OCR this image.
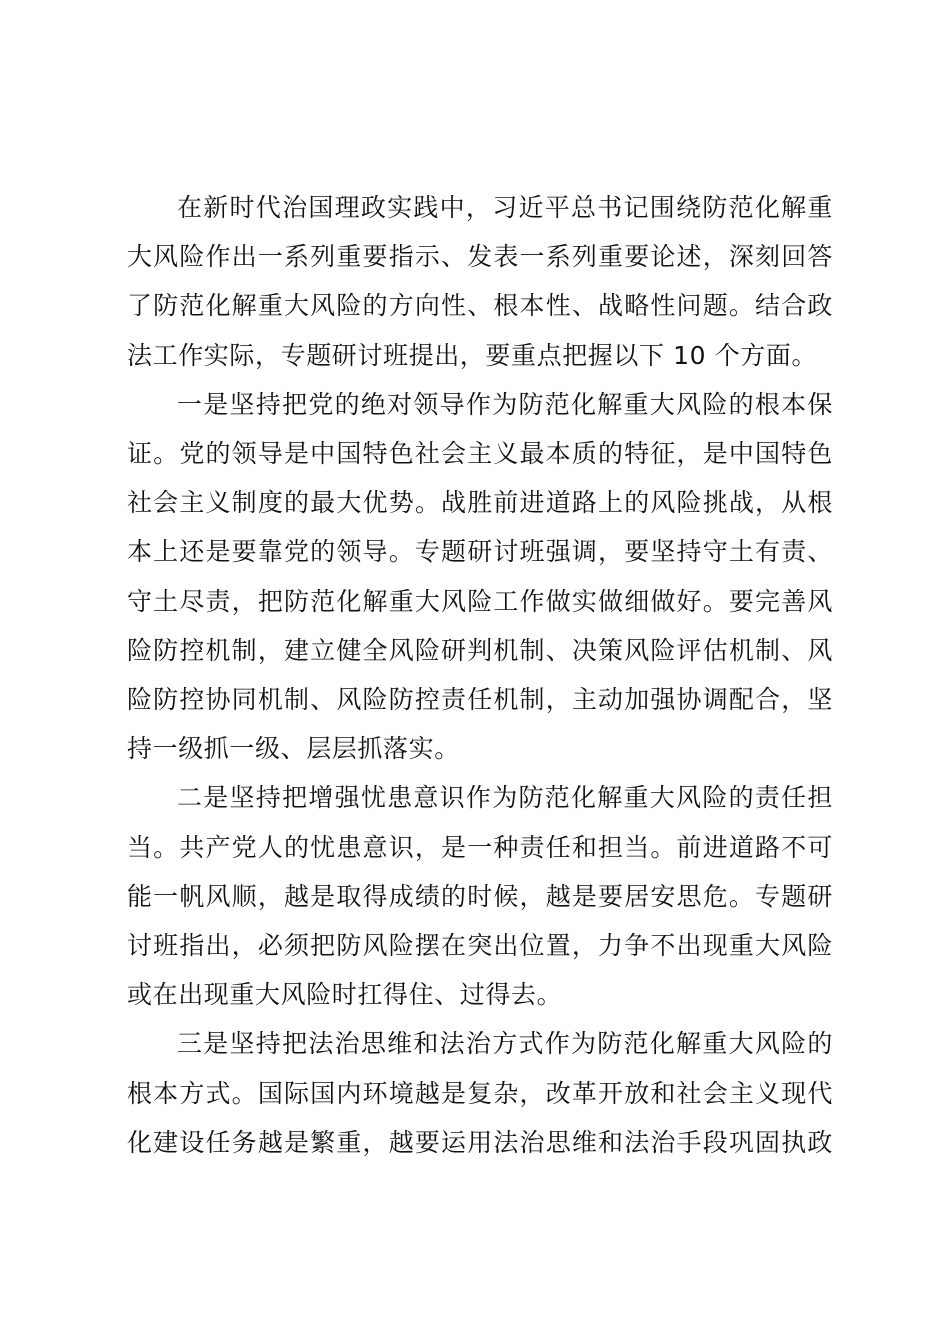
在新时代治国理政实践中，习近平总书记围绕防范化解重
大风险作出一系列重要指示、发表一系列重要论述，深刻回答
了防范化解重大风险的方向性、根本性、战略性问题。结合政
法工作实际，专题研讨班提出，要重点把握以下 10 个方面。

一是坚持把党的绝对领导作为防范化解重大风险的根本保
证。党的领导是中国特色社会主义最本质的特征，是中国特色
社会主义制度的最大优势。战胜前进道路上的风险挑战，从根
本上还是要靠党的领导。专题研讨班强调，要坚持守土有责、
守土尽责，把防范化解重大风险工作做实做细做好。要完善风
险防控机制，建立健全风险研判机制、决策风险评估机制、风
险防控协同机制、风险防控责任机制，主动加强协调配合，坚
持一级抓一级、层层抓落实。

二是坚持把增强忧患意识作为防范化解重大风险的责任担
当。共产党人的忧患意识，是一种责任和担当。前进道路不可
能一帆风顺，越是取得成绩的时候，越是要居安思危。专题研
讨班指出，必须把防风险摆在突出位置，力争不出现重大风险
或在出现重大风险时扛得住、过得去。

三是坚持把法治思维和法治方式作为防范化解重大风险的
根本方式。国际国内环境越是复杂，改革开放和社会主义现代
化建设任务越是繁重，越要运用法治思维和法治手段巩固执政
